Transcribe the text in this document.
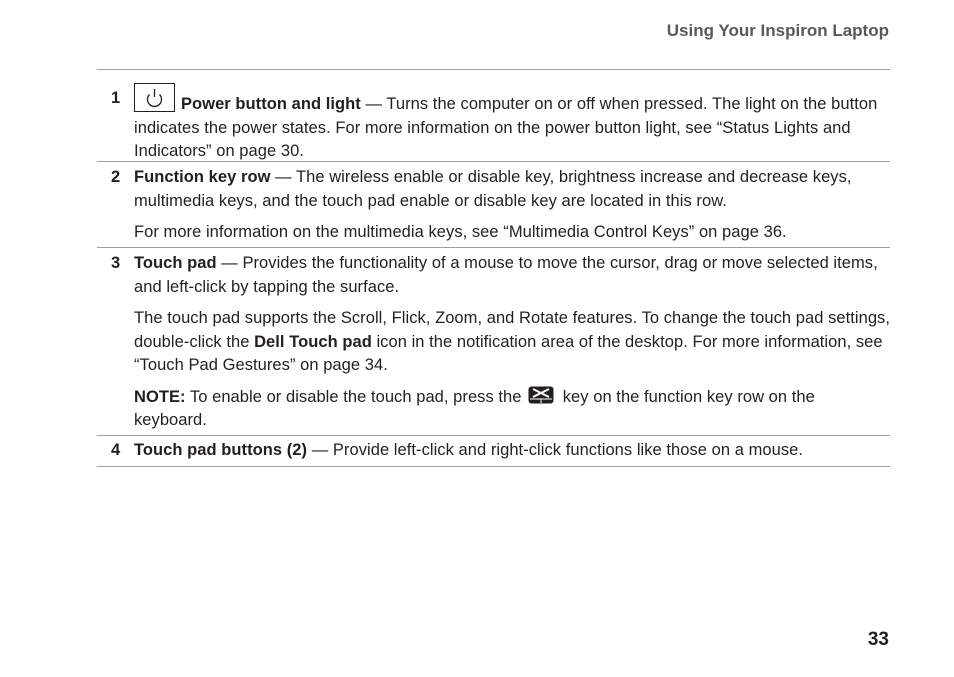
Using Your Inspiron Laptop
1	Power button and light — Turns the computer on or off when pressed. The light on the button indicates the power states. For more information on the power button light, see “Status Lights and Indicators” on page 30.

2 Function key row — The wireless enable or disable key, brightness increase and decrease keys, multimedia keys, and the touch pad enable or disable key are located in this row.

For more information on the multimedia keys, see “Multimedia Control Keys” on page 36.

3 Touch pad — Provides the functionality of a mouse to move the cursor, drag or move selected items, and left-click by tapping the surface.

The touch pad supports the Scroll, Flick, Zoom, and Rotate features. To change the touch pad settings, double-click the Dell Touch pad icon in the notification area of the desktop. For more information, see “Touch Pad Gestures” on page 34.

NOTE: To enable or disable the touch pad, press the
key on the function key row on the keyboard.

4 Touch pad buttons (2) — Provide left-click and right-click functions like those on a mouse.

33
